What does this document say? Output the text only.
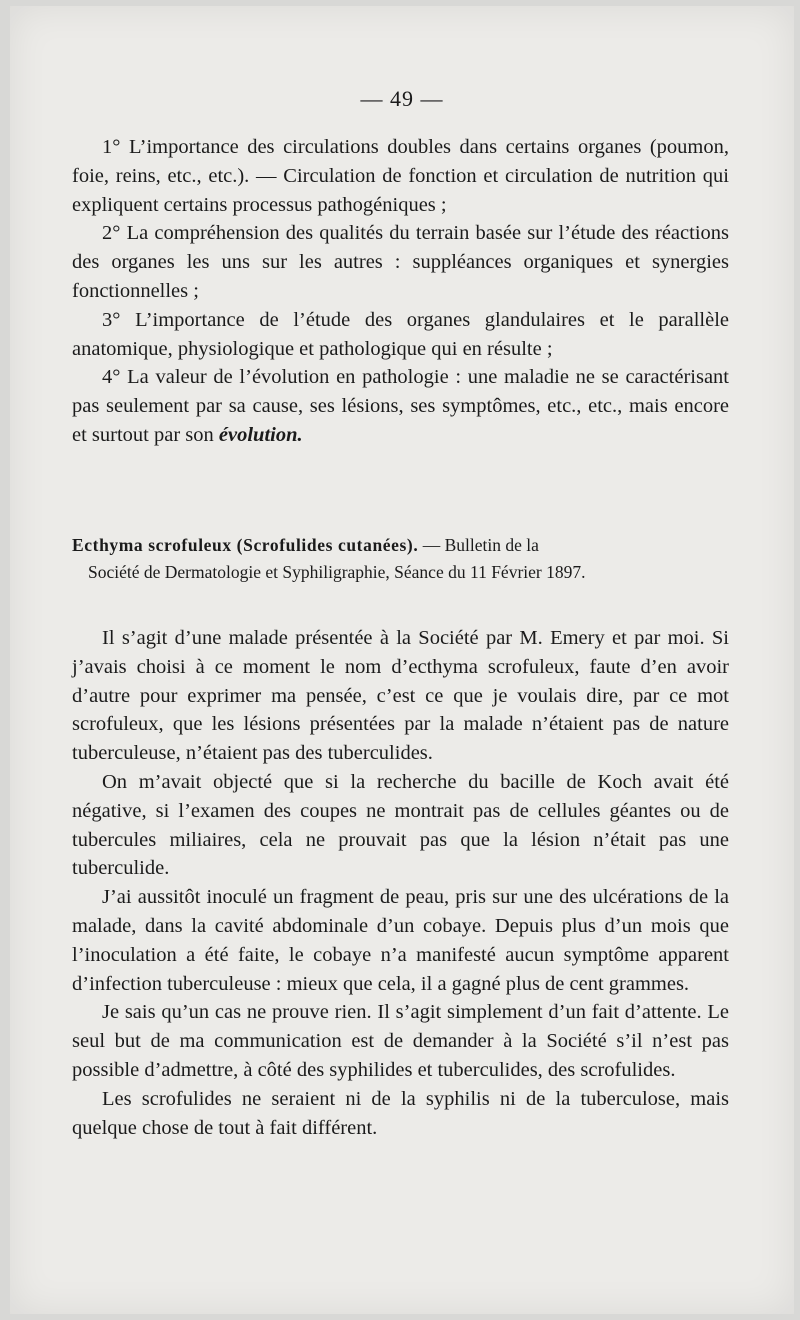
— 49 —

1° L’importance des circulations doubles dans certains organes (poumon, foie, reins, etc., etc.). — Circulation de fonction et circulation de nutrition qui expliquent certains processus pathogéniques ;

2° La compréhension des qualités du terrain basée sur l’étude des réactions des organes les uns sur les autres : suppléances organiques et synergies fonctionnelles ;

3° L’importance de l’étude des organes glandulaires et le parallèle anatomique, physiologique et pathologique qui en résulte ;

4° La valeur de l’évolution en pathologie : une maladie ne se caractérisant pas seulement par sa cause, ses lésions, ses symptômes, etc., etc., mais encore et surtout par son évolution.

Ecthyma scrofuleux (Scrofulides cutanées). — Bulletin de la

Société de Dermatologie et Syphiligraphie, Séance du 11 Février 1897.

Il s’agit d’une malade présentée à la Société par M. Emery et par moi. Si j’avais choisi à ce moment le nom d’ecthyma scrofuleux, faute d’en avoir d’autre pour exprimer ma pensée, c’est ce que je voulais dire, par ce mot scrofuleux, que les lésions présentées par la malade n’étaient pas de nature tuberculeuse, n’étaient pas des tuberculides.

On m’avait objecté que si la recherche du bacille de Koch avait été négative, si l’examen des coupes ne montrait pas de cellules géantes ou de tubercules miliaires, cela ne prouvait pas que la lésion n’était pas une tuberculide.

J’ai aussitôt inoculé un fragment de peau, pris sur une des ulcérations de la malade, dans la cavité abdominale d’un cobaye. Depuis plus d’un mois que l’inoculation a été faite, le cobaye n’a manifesté aucun symptôme apparent d’infection tuberculeuse : mieux que cela, il a gagné plus de cent grammes.

Je sais qu’un cas ne prouve rien. Il s’agit simplement d’un fait d’attente. Le seul but de ma communication est de demander à la Société s’il n’est pas possible d’admettre, à côté des syphilides et tuberculides, des scrofulides.

Les scrofulides ne seraient ni de la syphilis ni de la tuberculose, mais quelque chose de tout à fait différent.
